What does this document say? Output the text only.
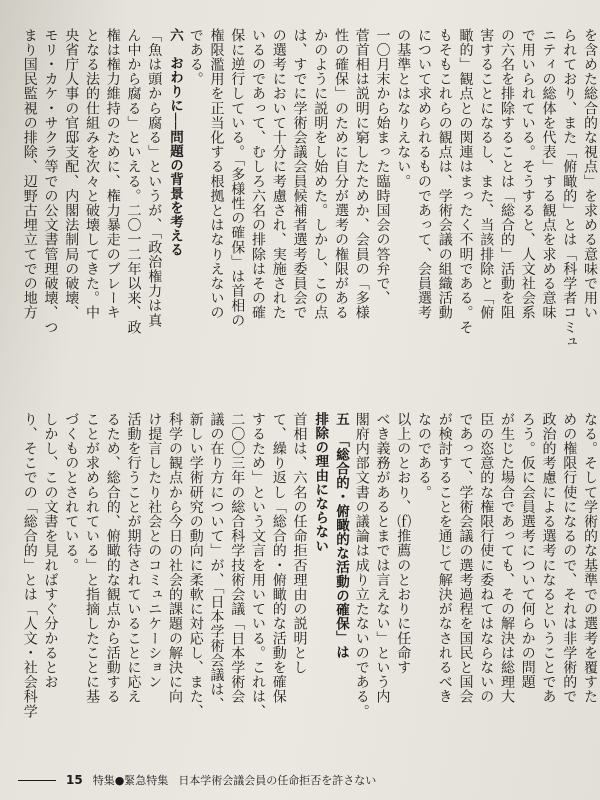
を含めた総合的な視点」を求める意味で用い
られており、また「俯瞰的」とは「科学者コミュ
ニティの総体を代表」する観点を求める意味
で用いられている。そうすると、人文社会系
の六名を排除することは「総合的」活動を阻
害することになるし、また、当該排除と「俯
瞰的」観点との関連はまったく不明である。そ
もそもこれらの観点は、学術会議の組織活動
について求められるものであって、会員選考
の基準とはなりえない。
一〇月末から始まった臨時国会の答弁で、
菅首相は説明に窮したためか、会員の「多様
性の確保」のために自分が選考の権限がある
かのように説明をし始めた。しかし、この点
は、すでに学術会議会員候補者選考委員会で
の選考において十分に考慮され、実施された
いるのであって、むしろ六名の排除はその確
保に逆行している。「多様性の確保」は首相の
権限濫用を正当化する根拠とはなりえないの
である。
六　おわりに──問題の背景を考える
「魚は頭から腐る」というが、「政治権力は真
ん中から腐る」といえる。二〇一二年以来、政
権は権力維持のために、権力暴走のブレーキ
となる法的仕組みを次々と破壊してきた。中
央省庁人事の官邸支配、内閣法制局の破壊、
モリ・カケ・サクラ等での公文書管理破壊、つ
まり国民監視の排除、辺野古埋立てでの地方
なる。そして学術的な基準での選考を覆すた
めの権限行使になるので、それは非学術的で
政治的考慮による選考になるということであ
ろう。仮に会員選考について何らかの問題
が生じた場合であっても、その解決は総理大
臣の恣意的な権限行使に委ねてはならないの
であって、学術会議の選考過程を国民と国会
が検討することを通じて解決がなされるべき
なのである。
以上のとおり、⒡推薦のとおりに任命す
べき義務があるとまでは言えない」という内
閣府内部文書の議論は成り立たないのである。
五　「総合的・俯瞰的な活動の確保」は
排除の理由にならない
首相は、六名の任命拒否理由の説明とし
て、繰り返し「総合的・俯瞰的な活動を確保
するため」という文言を用いている。これは、
二〇〇三年の総合科学技術会議「日本学術会
議の在り方について」が、「日本学術会議は、
新しい学術研究の動向に柔軟に対応し、また、
科学の観点から今日の社会的課題の解決に向
け提言したり社会とのコミュニケーション
活動を行うことが期待されていることに応え
るため、総合的、俯瞰的な観点から活動する
ことが求められている」と指摘したことに基
づくものとされている。
しかし、この文書を見ればすぐ分かるとお
り、そこでの「総合的」とは「人文・社会科学
15 特集●緊急特集 日本学術会議会員の任命拒否を許さない
